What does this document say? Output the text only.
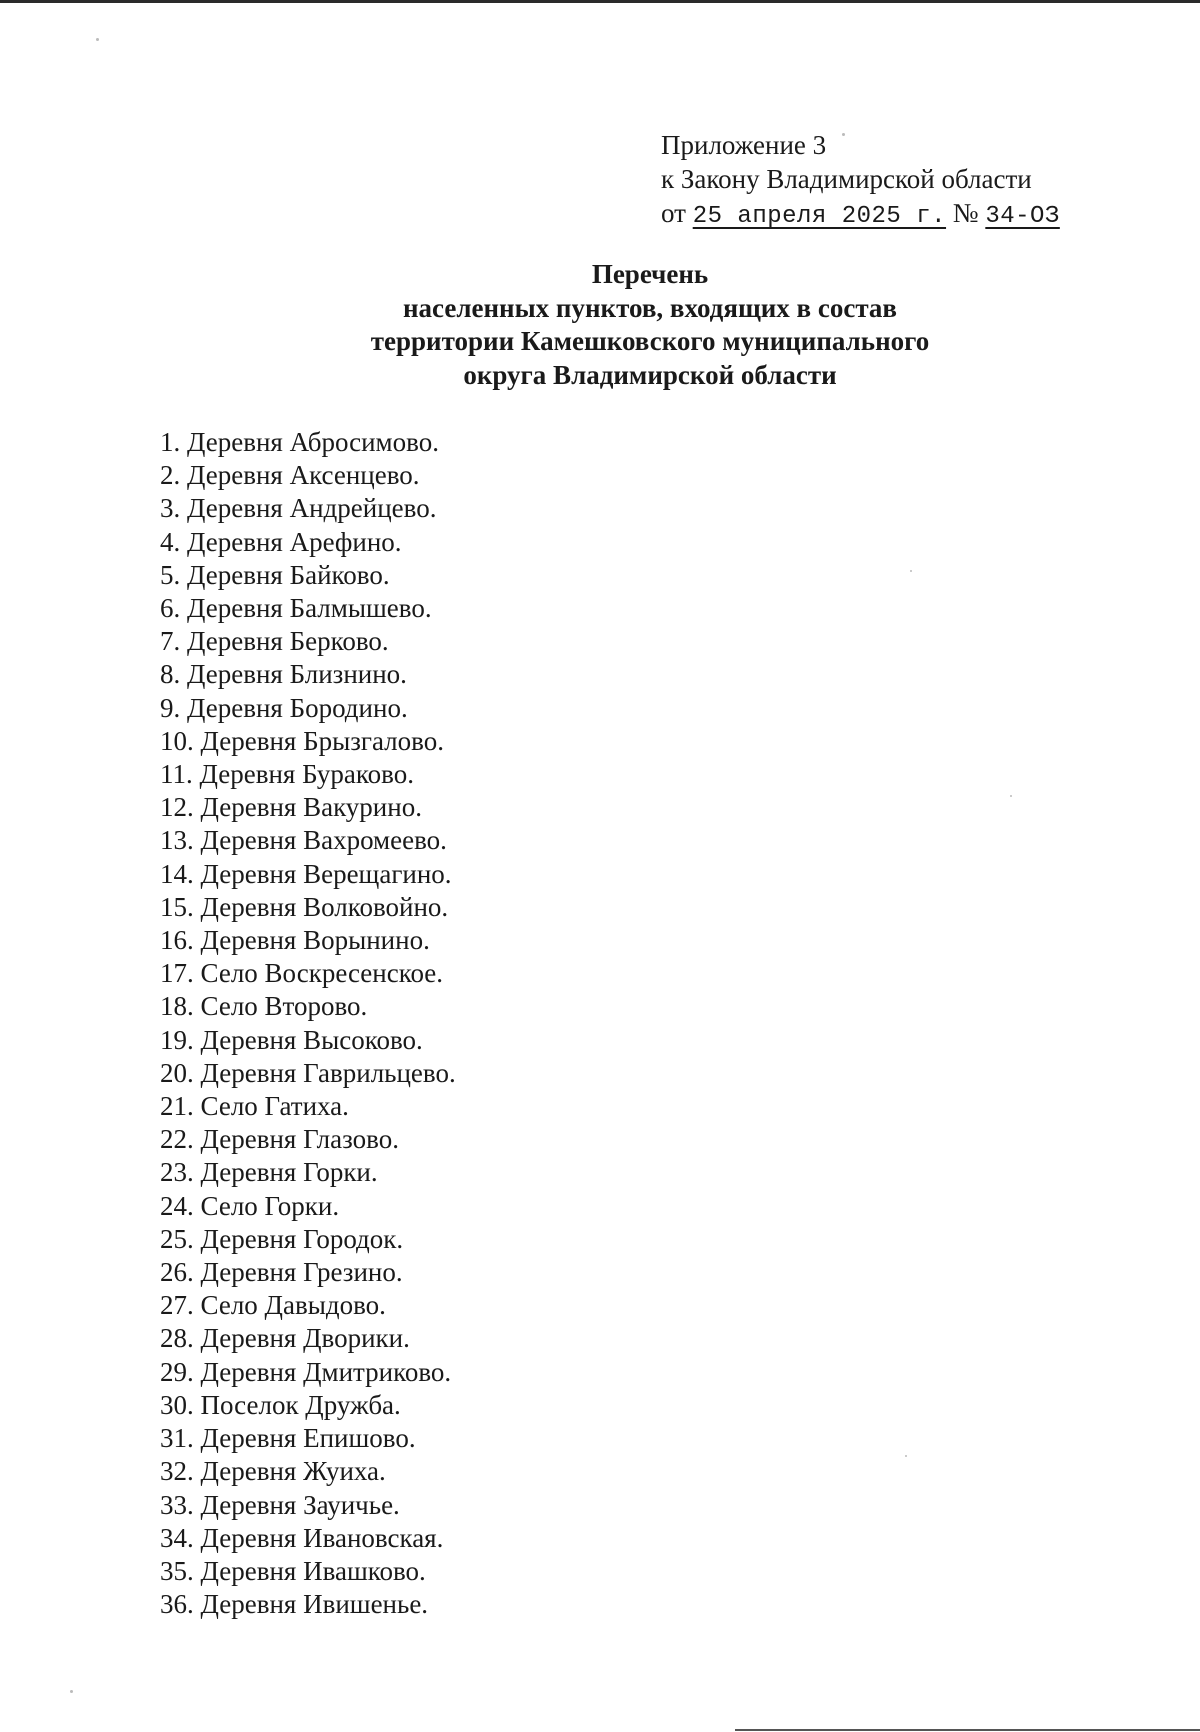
Приложение 3
к Закону Владимирской области
от 25 апреля 2025 г. № 34-ОЗ
Перечень
населенных пунктов, входящих в состав
территории Камешковского муниципального
округа Владимирской области
1. Деревня Абросимово.
2. Деревня Аксенцево.
3. Деревня Андрейцево.
4. Деревня Арефино.
5. Деревня Байково.
6. Деревня Балмышево.
7. Деревня Берково.
8. Деревня Близнино.
9. Деревня Бородино.
10. Деревня Брызгалово.
11. Деревня Бураково.
12. Деревня Вакурино.
13. Деревня Вахромеево.
14. Деревня Верещагино.
15. Деревня Волковойно.
16. Деревня Ворынино.
17. Село Воскресенское.
18. Село Второво.
19. Деревня Высоково.
20. Деревня Гаврильцево.
21. Село Гатиха.
22. Деревня Глазово.
23. Деревня Горки.
24. Село Горки.
25. Деревня Городок.
26. Деревня Грезино.
27. Село Давыдово.
28. Деревня Дворики.
29. Деревня Дмитриково.
30. Поселок Дружба.
31. Деревня Епишово.
32. Деревня Жуиха.
33. Деревня Зауичье.
34. Деревня Ивановская.
35. Деревня Ивашково.
36. Деревня Ивишенье.
